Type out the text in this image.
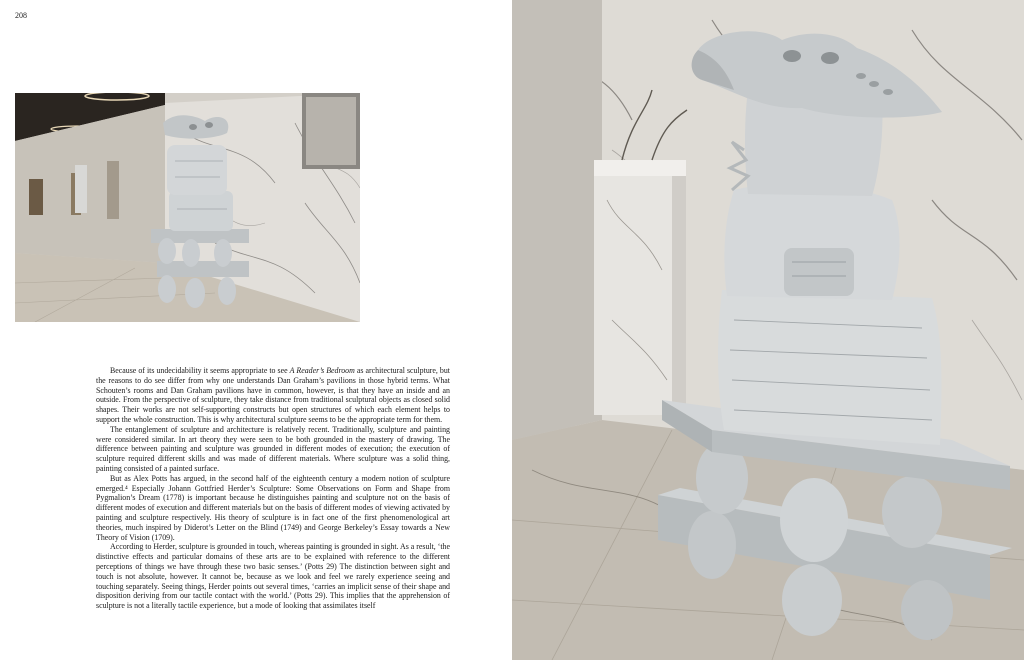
208

Because of its undecidability it seems appropriate to see A Reader’s Bedroom as architectural sculpture, but the reasons to do see differ from why one understands Dan Graham’s pavilions in those hybrid terms. What Schouten’s rooms and Dan Graham pavilions have in common, however, is that they have an inside and an outside. From the perspective of sculpture, they take distance from traditional sculptural objects as closed solid shapes. Their works are not self-supporting constructs but open structures of which each element helps to support the whole construction. This is why architectural sculpture seems to be the appropriate term for them.

The entanglement of sculpture and architecture is relatively recent. Traditionally, sculpture and painting were considered similar. In art theory they were seen to be both grounded in the mastery of drawing. The difference between painting and sculpture was grounded in different modes of execution; the execution of sculpture required different skills and was made of different materials. Where sculpture was a solid thing, painting consisted of a painted surface.

But as Alex Potts has argued, in the second half of the eighteenth century a modern notion of sculpture emerged.⁴ Especially Johann Gottfried Herder’s Sculpture: Some Observations on Form and Shape from Pygmalion’s Dream (1778) is important because he distinguishes painting and sculpture not on the basis of different modes of execution and different materials but on the basis of different modes of viewing activated by painting and sculpture respectively. His theory of sculpture is in fact one of the first phenomenological art theories, much inspired by Diderot’s Letter on the Blind (1749) and George Berkeley’s Essay towards a New Theory of Vision (1709).

According to Herder, sculpture is grounded in touch, whereas painting is grounded in sight. As a result, ‘the distinctive effects and particular domains of these arts are to be explained with reference to the different perceptions of things we have through these two basic senses.’ (Potts 29) The distinction between sight and touch is not absolute, however. It cannot be, because as we look and feel we rarely experience seeing and touching separately. Seeing things, Herder points out several times, ‘carries an implicit sense of their shape and disposition deriving from our tactile contact with the world.’ (Potts 29). This implies that the apprehension of sculpture is not a literally tactile experience, but a mode of looking that assimilates itself
